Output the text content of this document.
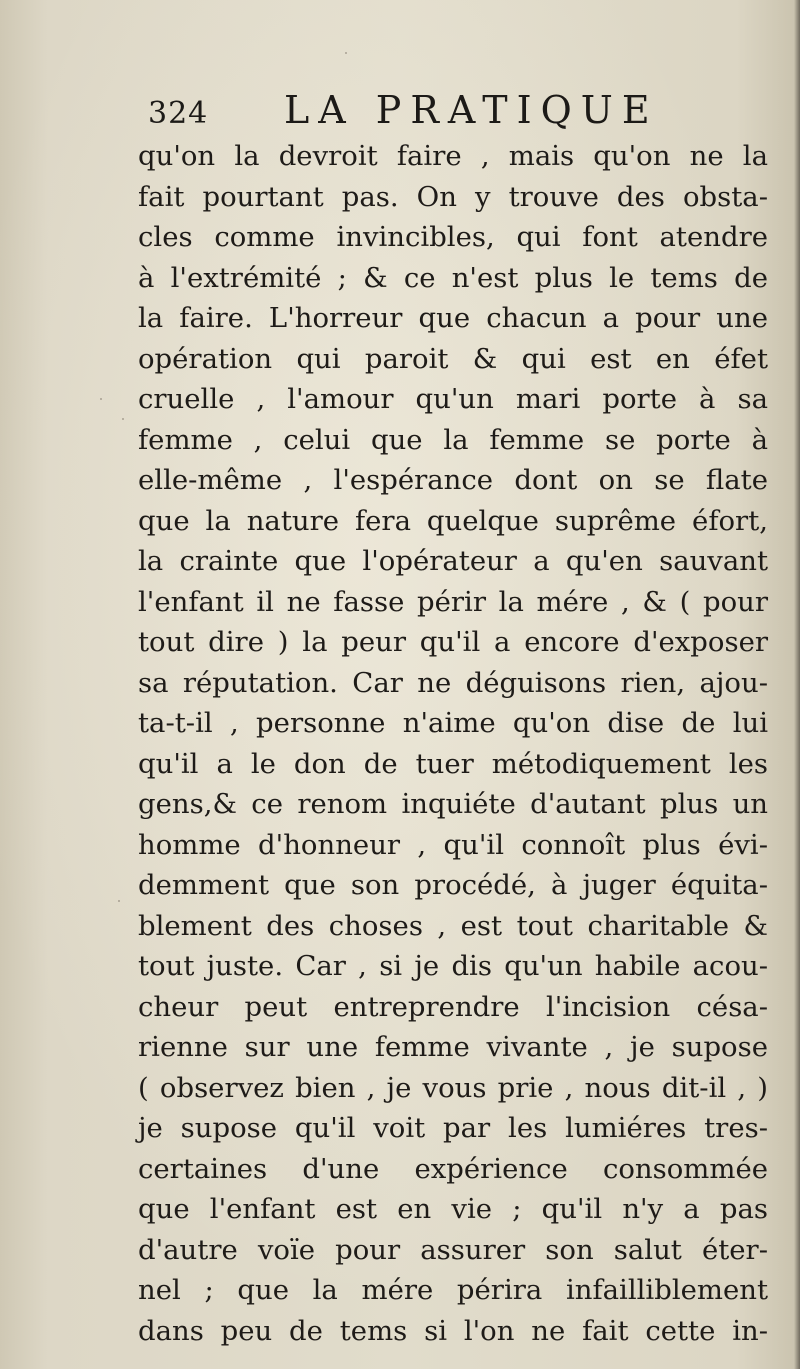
324 LA PRATIQUE
qu'on la devroit faire , mais qu'on ne la
fait pourtant pas. On y trouve des obsta-
cles comme invincibles, qui font atendre
à l'extrémité ; & ce n'est plus le tems de
la faire. L'horreur que chacun a pour une
opération qui paroit & qui est en éfet
cruelle , l'amour qu'un mari porte à sa
femme , celui que la femme se porte à
elle-même , l'espérance dont on se flate
que la nature fera quelque suprême éfort,
la crainte que l'opérateur a qu'en sauvant
l'enfant il ne fasse périr la mére , & ( pour
tout dire ) la peur qu'il a encore d'exposer
sa réputation. Car ne déguisons rien, ajou-
ta-t-il , personne n'aime qu'on dise de lui
qu'il a le don de tuer métodiquement les
gens,& ce renom inquiéte d'autant plus un
homme d'honneur , qu'il connoît plus évi-
demment que son procédé, à juger équita-
blement des choses , est tout charitable &
tout juste. Car , si je dis qu'un habile acou-
cheur peut entreprendre l'incision césa-
rienne sur une femme vivante , je supose
( observez bien , je vous prie , nous dit-il , )
je supose qu'il voit par les lumiéres tres-
certaines d'une expérience consommée
que l'enfant est en vie ; qu'il n'y a pas
d'autre voïe pour assurer son salut éter-
nel ; que la mére périra infailliblement
dans peu de tems si l'on ne fait cette in-
